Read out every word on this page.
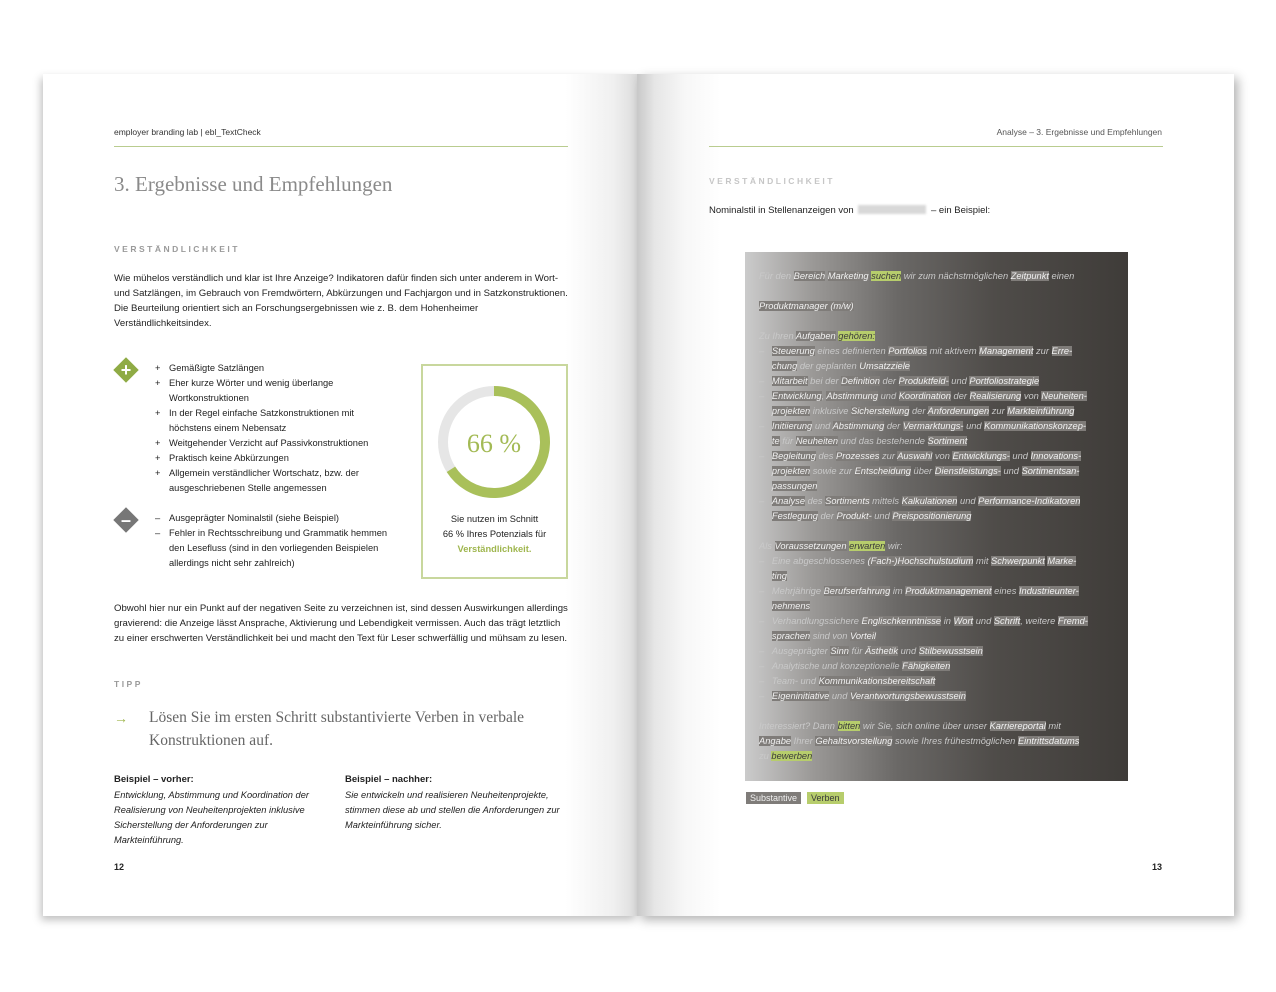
employer branding lab | ebl_TextCheck
3. Ergebnisse und Empfehlungen
VERSTÄNDLICHKEIT
Wie mühelos verständlich und klar ist Ihre Anzeige? Indikatoren dafür finden sich unter anderem in Wort- und Satzlängen, im Gebrauch von Fremdwörtern, Abkürzungen und Fachjargon und in Satzkonstruktionen. Die Beurteilung orientiert sich an Forschungsergebnissen wie z. B. dem Hohenheimer Verständlichkeitsindex.
+	+ Gemäßigte Satzlängen
+ Eher kurze Wörter und wenig überlange Wortkonstruktionen
+ In der Regel einfache Satzkonstruktionen mit höchstens einem Nebensatz
+ Weitgehender Verzicht auf Passivkonstruktionen
+ Praktisch keine Abkürzungen
+ Allgemein verständlicher Wortschatz, bzw. der ausgeschriebenen Stelle angemessen
–	– Ausgeprägter Nominalstil (siehe Beispiel)
– Fehler in Rechtsschreibung und Grammatik hemmen den Lesefluss (sind in den vorliegenden Beispielen allerdings nicht sehr zahlreich)
66 %
Sie nutzen im Schnitt
66 % Ihres Potenzials für
Verständlichkeit.
Obwohl hier nur ein Punkt auf der negativen Seite zu verzeichnen ist, sind dessen Auswirkungen allerdings gravierend: die Anzeige lässt Ansprache, Aktivierung und Lebendigkeit vermissen. Auch das trägt letztlich zu einer erschwerten Verständlichkeit bei und macht den Text für Leser schwerfällig und mühsam zu lesen.
TIPP
→ Lösen Sie im ersten Schritt substantivierte Verben in verbale Konstruktionen auf.
Beispiel – vorher:
Entwicklung, Abstimmung und Koordination der Realisierung von Neuheitenprojekten inklusive Sicherstellung der Anforderungen zur Markteinführung.
Beispiel – nachher:
Sie entwickeln und realisieren Neuheitenprojekte, stimmen diese ab und stellen die Anforderungen zur Markteinführung sicher.
12
Analyse – 3. Ergebnisse und Empfehlungen
VERSTÄNDLICHKEIT
Nominalstil in Stellenanzeigen von	– ein Beispiel:
Für den Bereich Marketing suchen wir zum nächstmöglichen Zeitpunkt einen

Produktmanager (m/w)

Zu Ihren Aufgaben gehören:
–   Steuerung eines definierten Portfolios mit aktivem Management zur Erre-
chung der geplanten Umsatzziele
–   Mitarbeit bei der Definition der Produktfeld- und Portfoliostrategie
–   Entwicklung, Abstimmung und Koordination der Realisierung von Neuheiten-
projekten inklusive Sicherstellung der Anforderungen zur Markteinführung
–   Initiierung und Abstimmung der Vermarktungs- und Kommunikationskonzep-
te für Neuheiten und das bestehende Sortiment
–   Begleitung des Prozesses zur Auswahl von Entwicklungs- und Innovations-
projekten sowie zur Entscheidung über Dienstleistungs- und Sortimentsan-
passungen
–   Analyse des Sortiments mittels Kalkulationen und Performance-Indikatoren
Festlegung der Produkt- und Preispositionierung

Als Voraussetzungen erwarten wir:
–   Eine abgeschlossenes (Fach-)Hochschulstudium mit Schwerpunkt Marke-
ting
–   Mehrjährige Berufserfahrung im Produktmanagement eines Industrieunter-
nehmens
–   Verhandlungssichere Englischkenntnisse in Wort und Schrift, weitere Fremd-
sprachen sind von Vorteil
–   Ausgeprägter Sinn für Ästhetik und Stilbewusstsein
–   Analytische und konzeptionelle Fähigkeiten
–   Team- und Kommunikationsbereitschaft
–   Eigeninitiative und Verantwortungsbewusstsein

Interessiert? Dann bitten wir Sie, sich online über unser Karriereportal mit
Angabe Ihrer Gehaltsvorstellung sowie Ihres frühestmöglichen Eintrittsdatums
zu bewerben
Substantive Verben
13
